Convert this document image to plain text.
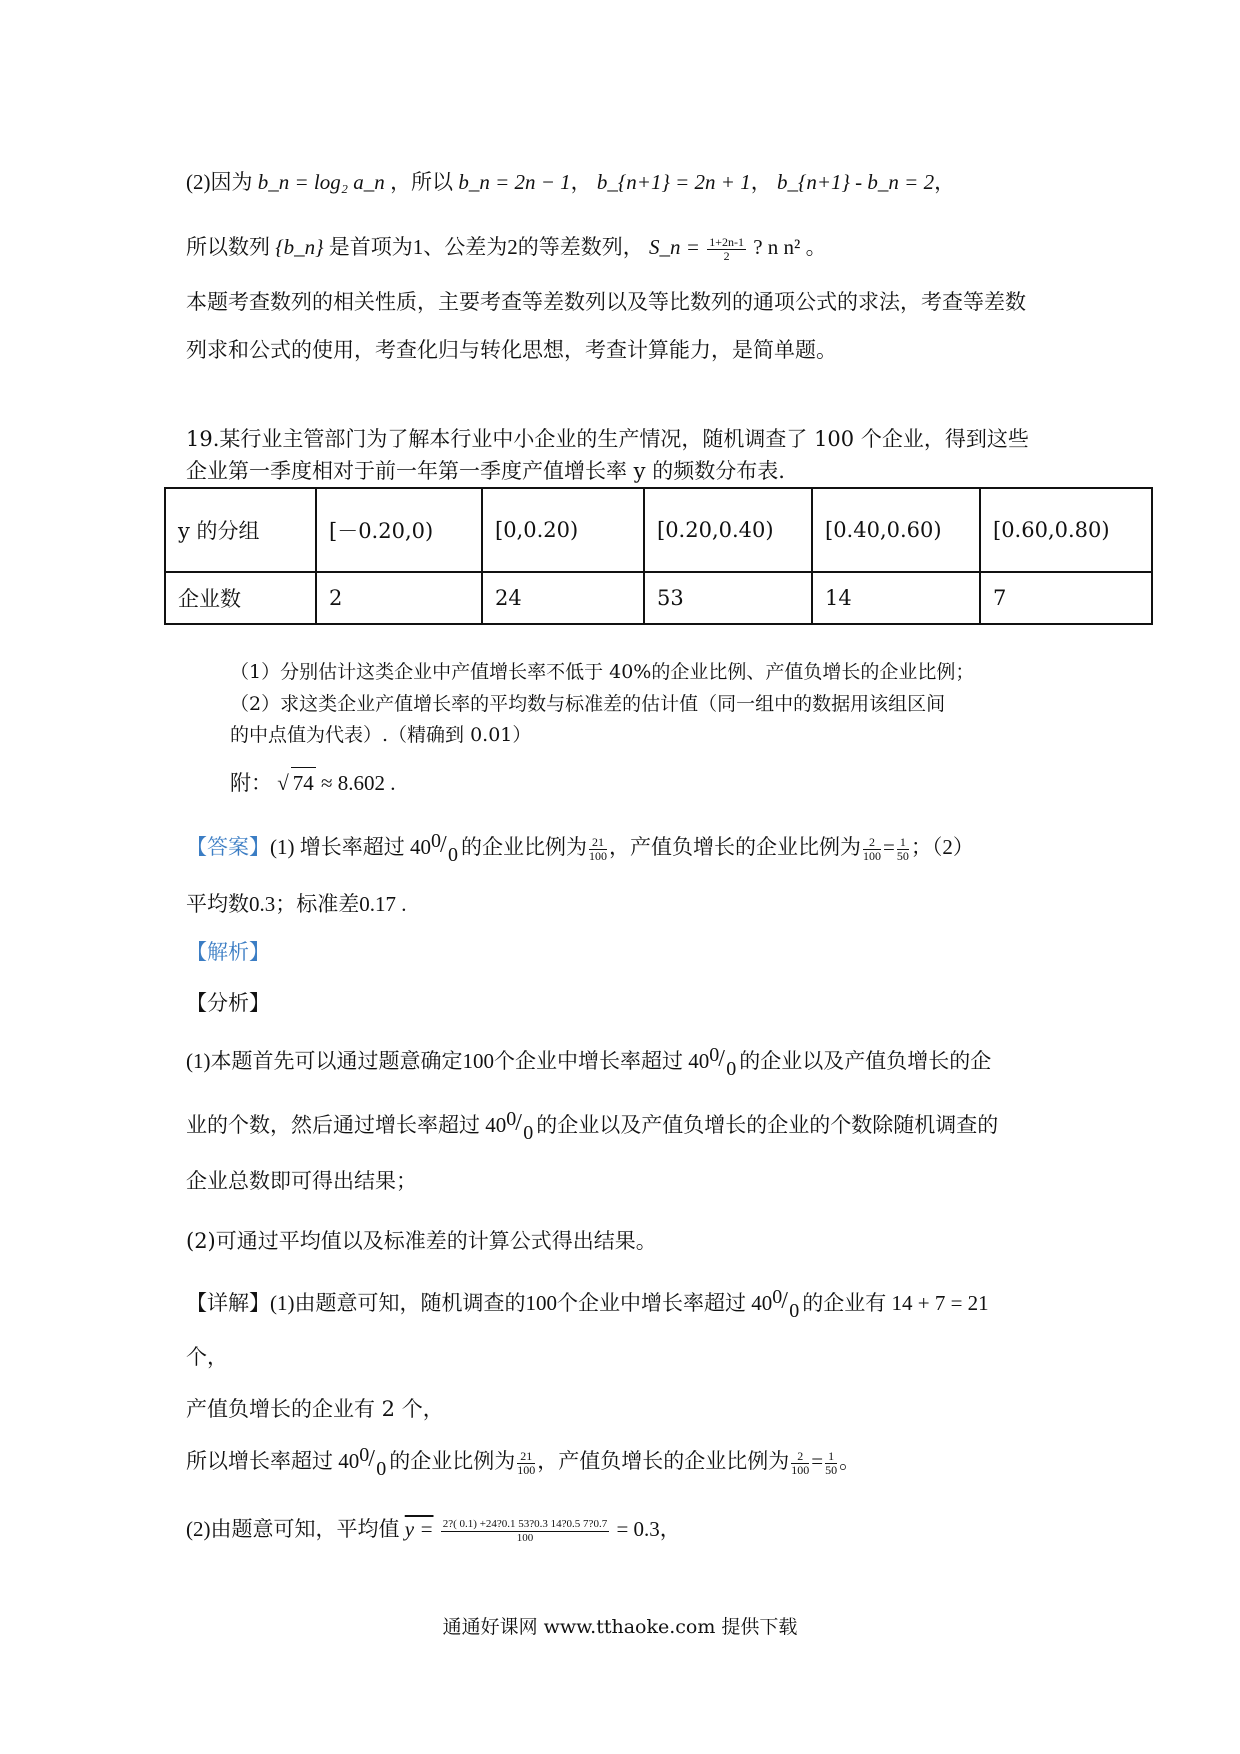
(2)因为 b_n = log₂ a_n ，所以 b_n = 2n − 1， b_{n+1} = 2n + 1， b_{n+1} - b_n = 2，
所以数列 {b_n} 是首项为1、公差为2的等差数列， S_n = $\frac{1+2n-1}{2}$ ? n n² 。
本题考查数列的相关性质，主要考查等差数列以及等比数列的通项公式的求法，考查等差数
列求和公式的使用，考查化归与转化思想，考查计算能力，是简单题。
19.某行业主管部门为了解本行业中小企业的生产情况，随机调查了 100 个企业，得到这些
企业第一季度相对于前一年第一季度产值增长率 y 的频数分布表.
y 的分组	[－0.20,0)	[0,0.20)	[0.20,0.40)	[0.40,0.60)	[0.60,0.80)
企业数	2	24	53	14	7
（1）分别估计这类企业中产值增长率不低于 40%的企业比例、产值负增长的企业比例；
（2）求这类企业产值增长率的平均数与标准差的估计值（同一组中的数据用该组区间
的中点值为代表）.（精确到 0.01）
附： √ 74 ≈ 8.602 .
【答案】(1) 增长率超过 40 0 / 0 的企业比例为 $\frac{21}{100}$ ，产值负增长的企业比例为 $\frac{2}{100} = \frac{1}{50}$ ；（2）
平均数0.3；标准差0.17 .
【解析】
【分析】
(1)本题首先可以通过题意确定100个企业中增长率超过 40 0 / 0 的企业以及产值负增长的企
业的个数，然后通过增长率超过 40 0 / 0 的企业以及产值负增长的企业的个数除随机调查的
企业总数即可得出结果；
(2)可通过平均值以及标准差的计算公式得出结果。
【详解】(1)由题意可知，随机调查的100个企业中增长率超过 40 0 / 0 的企业有 14 + 7 = 21
个，
产值负增长的企业有 2 个，
所以增长率超过 40 0 / 0 的企业比例为 $\frac{21}{100}$ ，产值负增长的企业比例为 $\frac{2}{100} = \frac{1}{50}$ 。
(2)由题意可知，平均值 $y = \frac{2?( 0.1) +24?0.1 53?0.3 14?0.5 7?0.7}{100} = 0.3$，
通通好课网 www.tthaoke.com 提供下载
